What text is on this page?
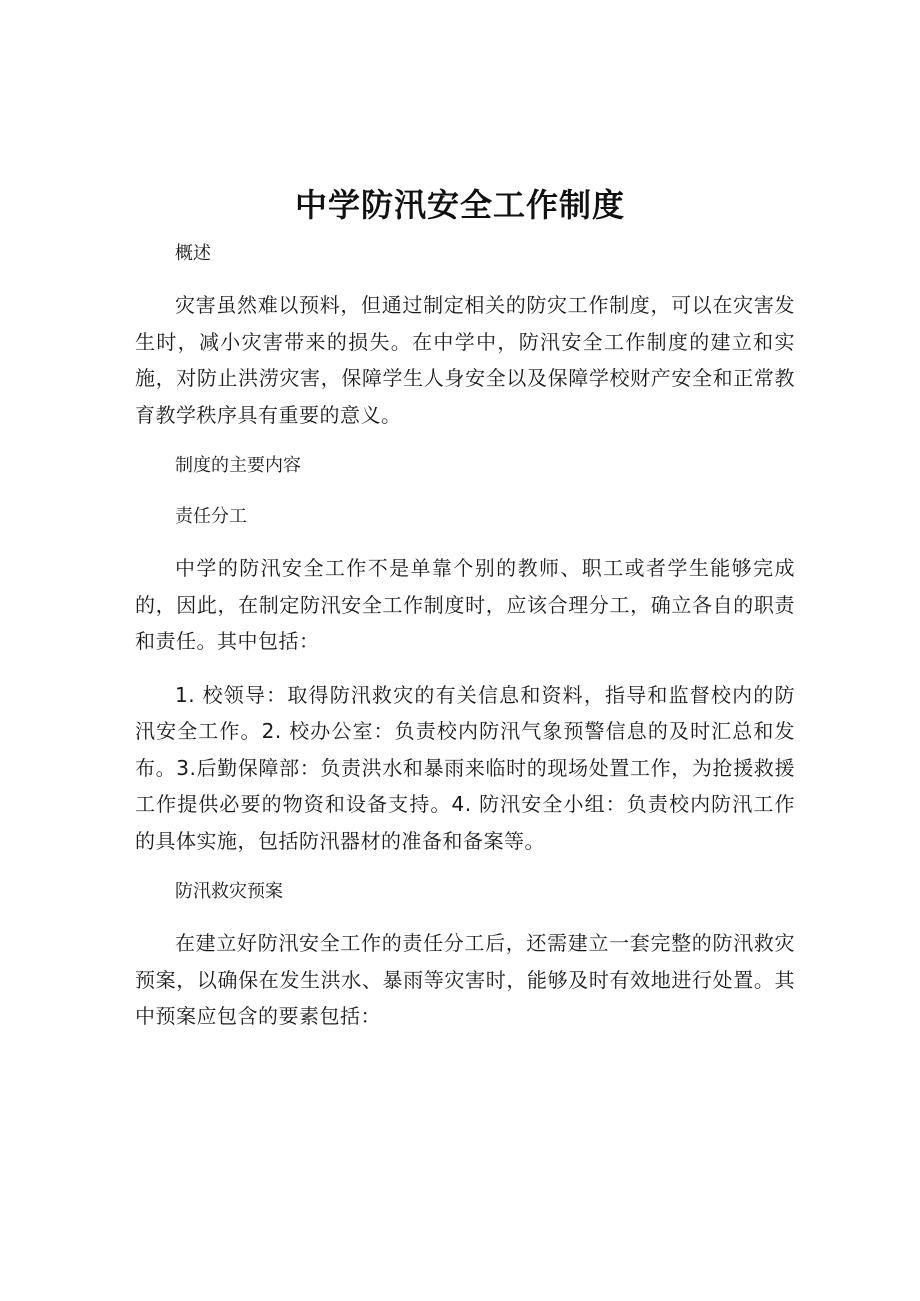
中学防汛安全工作制度

概述

灾害虽然难以预料，但通过制定相关的防灾工作制度，可以在灾害发生时，减小灾害带来的损失。在中学中，防汛安全工作制度的建立和实施，对防止洪涝灾害，保障学生人身安全以及保障学校财产安全和正常教育教学秩序具有重要的意义。

制度的主要内容

责任分工

中学的防汛安全工作不是单靠个别的教师、职工或者学生能够完成的，因此，在制定防汛安全工作制度时，应该合理分工，确立各自的职责和责任。其中包括：

1. 校领导：取得防汛救灾的有关信息和资料，指导和监督校内的防汛安全工作。2. 校办公室：负责校内防汛气象预警信息的及时汇总和发布。3.后勤保障部：负责洪水和暴雨来临时的现场处置工作，为抢援救援工作提供必要的物资和设备支持。4. 防汛安全小组：负责校内防汛工作的具体实施，包括防汛器材的准备和备案等。

防汛救灾预案

在建立好防汛安全工作的责任分工后，还需建立一套完整的防汛救灾预案，以确保在发生洪水、暴雨等灾害时，能够及时有效地进行处置。其中预案应包含的要素包括：
